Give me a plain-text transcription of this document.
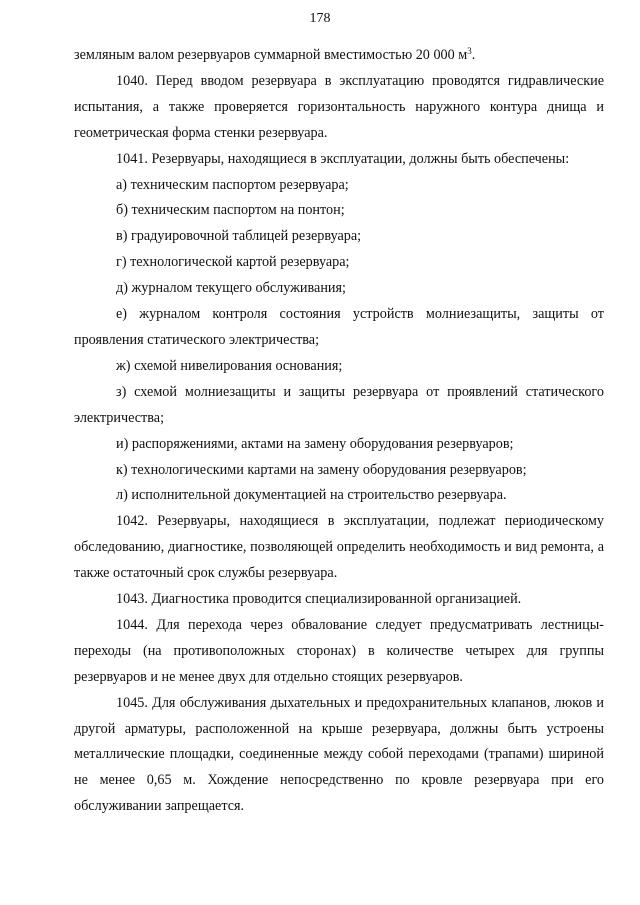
178

земляным валом резервуаров суммарной вместимостью 20 000 $м^3$.

1040. Перед вводом резервуара в эксплуатацию проводятся гидравлические испытания, а также проверяется горизонтальность наружного контура днища и геометрическая форма стенки резервуара.

1041. Резервуары, находящиеся в эксплуатации, должны быть обеспечены:

а) техническим паспортом резервуара;

б) техническим паспортом на понтон;

в) градуировочной таблицей резервуара;

г) технологической картой резервуара;

д) журналом текущего обслуживания;

е) журналом контроля состояния устройств молниезащиты, защиты от проявления статического электричества;

ж) схемой нивелирования основания;

з) схемой молниезащиты и защиты резервуара от проявлений статического электричества;

и) распоряжениями, актами на замену оборудования резервуаров;

к) технологическими картами на замену оборудования резервуаров;

л) исполнительной документацией на строительство резервуара.

1042. Резервуары, находящиеся в эксплуатации, подлежат периодическому обследованию, диагностике, позволяющей определить необходимость и вид ремонта, а также остаточный срок службы резервуара.

1043. Диагностика проводится специализированной организацией.

1044. Для перехода через обвалование следует предусматривать лестницы-переходы (на противоположных сторонах) в количестве четырех для группы резервуаров и не менее двух для отдельно стоящих резервуаров.

1045. Для обслуживания дыхательных и предохранительных клапанов, люков и другой арматуры, расположенной на крыше резервуара, должны быть устроены металлические площадки, соединенные между собой переходами (трапами) шириной не менее 0,65 м. Хождение непосредственно по кровле резервуара при его обслуживании запрещается.
